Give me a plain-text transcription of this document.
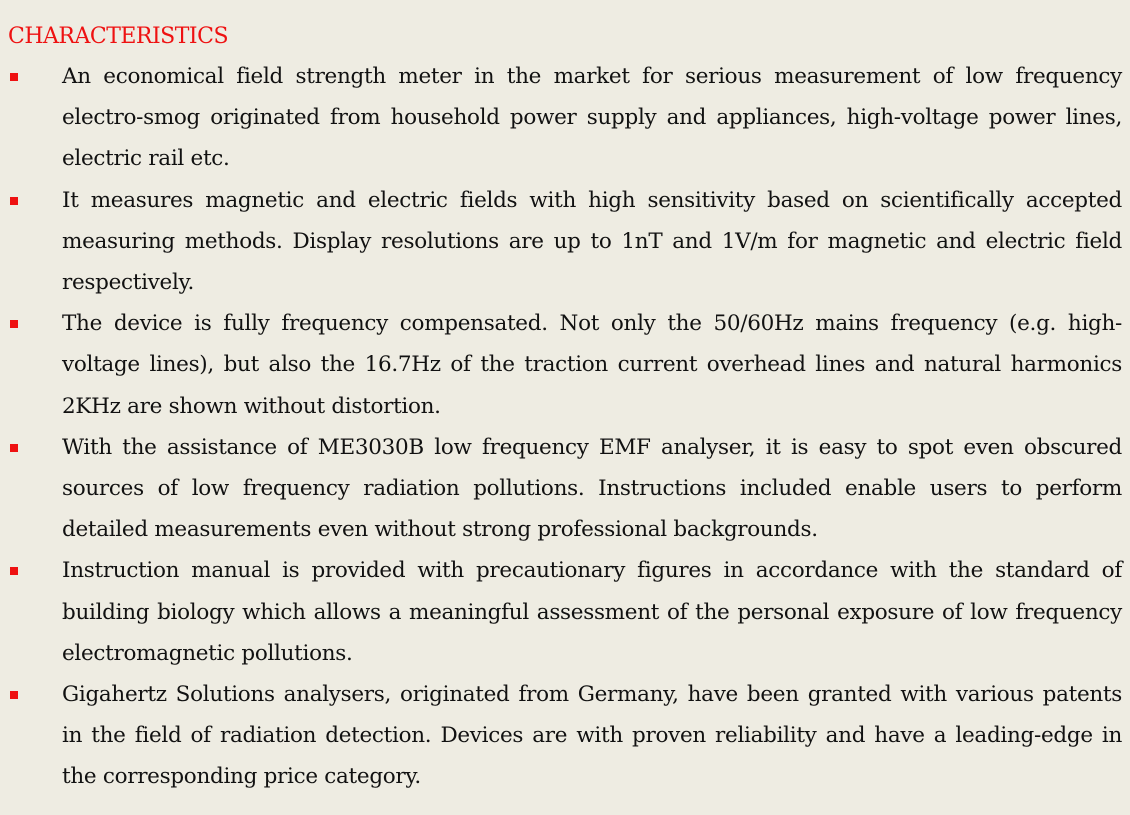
CHARACTERISTICS
An economical field strength meter in the market for serious measurement of low frequency electro-smog originated from household power supply and appliances, high-voltage power lines, electric rail etc.
It measures magnetic and electric fields with high sensitivity based on scientifically accepted measuring methods. Display resolutions are up to 1nT and 1V/m for magnetic and electric field respectively.
The device is fully frequency compensated. Not only the 50/60Hz mains frequency (e.g. high-voltage lines), but also the 16.7Hz of the traction current overhead lines and natural harmonics 2KHz are shown without distortion.
With the assistance of ME3030B low frequency EMF analyser, it is easy to spot even obscured sources of low frequency radiation pollutions. Instructions included enable users to perform detailed measurements even without strong professional backgrounds.
Instruction manual is provided with precautionary figures in accordance with the standard of building biology which allows a meaningful assessment of the personal exposure of low frequency electromagnetic pollutions.
Gigahertz Solutions analysers, originated from Germany, have been granted with various patents in the field of radiation detection. Devices are with proven reliability and have a leading-edge in the corresponding price category.
